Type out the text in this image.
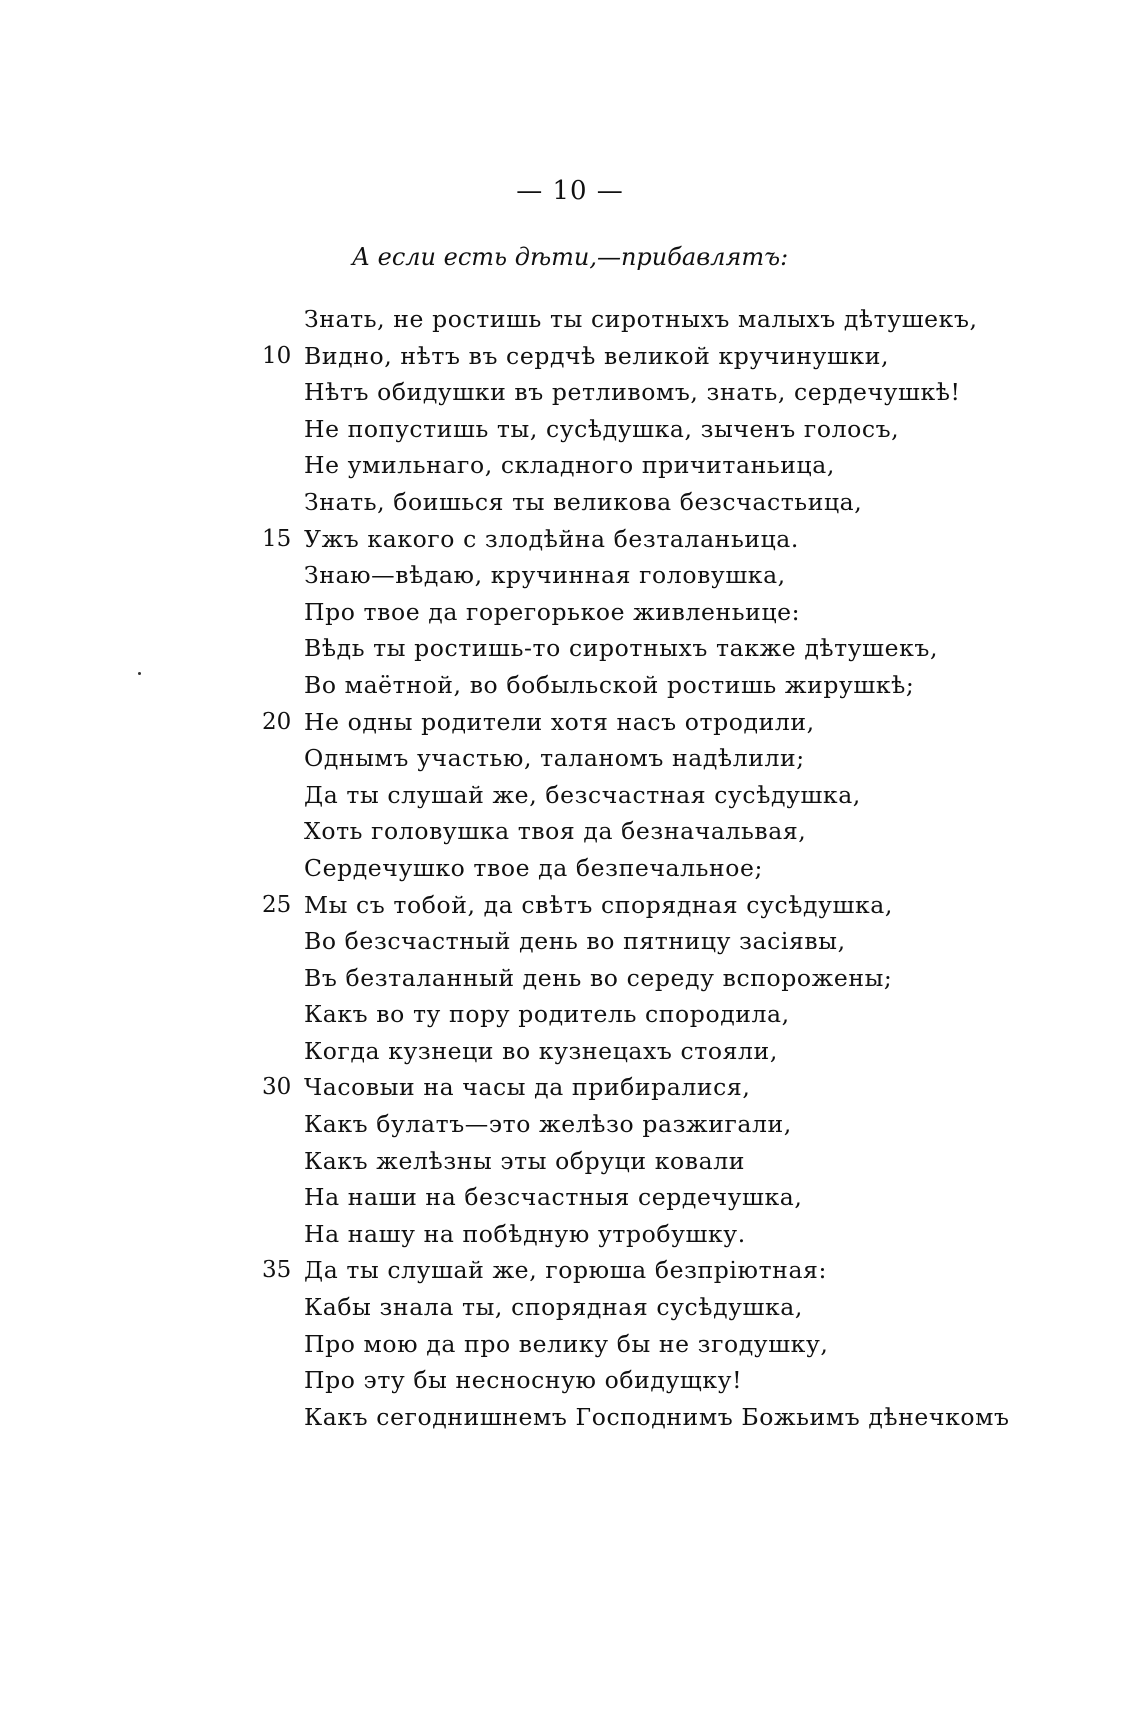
— 10 —
А если есть дѣти,—прибавлятъ:
Знать, не ростишь ты сиротныхъ малыхъ дѣтушекъ,
10 Видно, нѣтъ въ сердчѣ великой кручинушки,
Нѣтъ обидушки въ ретливомъ, знать, сердечушкѣ!
Не попустишь ты, сусѣдушка, зыченъ голосъ,
Не умильнаго, складного причитаньица,
Знать, боишься ты великова безсчастьица,
15 Ужъ какого с злодѣйна безталаньица.
Знаю—вѣдаю, кручинная головушка,
Про твое да горегорькое живленьице:
Вѣдь ты ростишь-то сиротныхъ также дѣтушекъ,
Во маётной, во бобыльской ростишь жирушкѣ;
20 Не одны родители хотя насъ отродили,
Однымъ участью, таланомъ надѣлили;
Да ты слушай же, безсчастная сусѣдушка,
Хоть головушка твоя да безначальвая,
Сердечушко твое да безпечальное;
25 Мы съ тобой, да свѣтъ спорядная сусѣдушка,
Во безсчастный день во пятницу засіявы,
Въ безталанный день во середу вспорожены;
Какъ во ту пору родитель спородила,
Когда кузнеци во кузнецахъ стояли,
30 Часовыи на часы да прибиралися,
Какъ булатъ—это желѣзо разжигали,
Какъ желѣзны эты обруци ковали
На наши на безсчастныя сердечушка,
На нашу на побѣдную утробушку.
35 Да ты слушай же, горюша безпріютная:
Кабы знала ты, спорядная сусѣдушка,
Про мою да про велику бы не згодушку,
Про эту бы несносную обидущку!
Какъ сегоднишнемъ Господнимъ Божьимъ дѣнечкомъ
